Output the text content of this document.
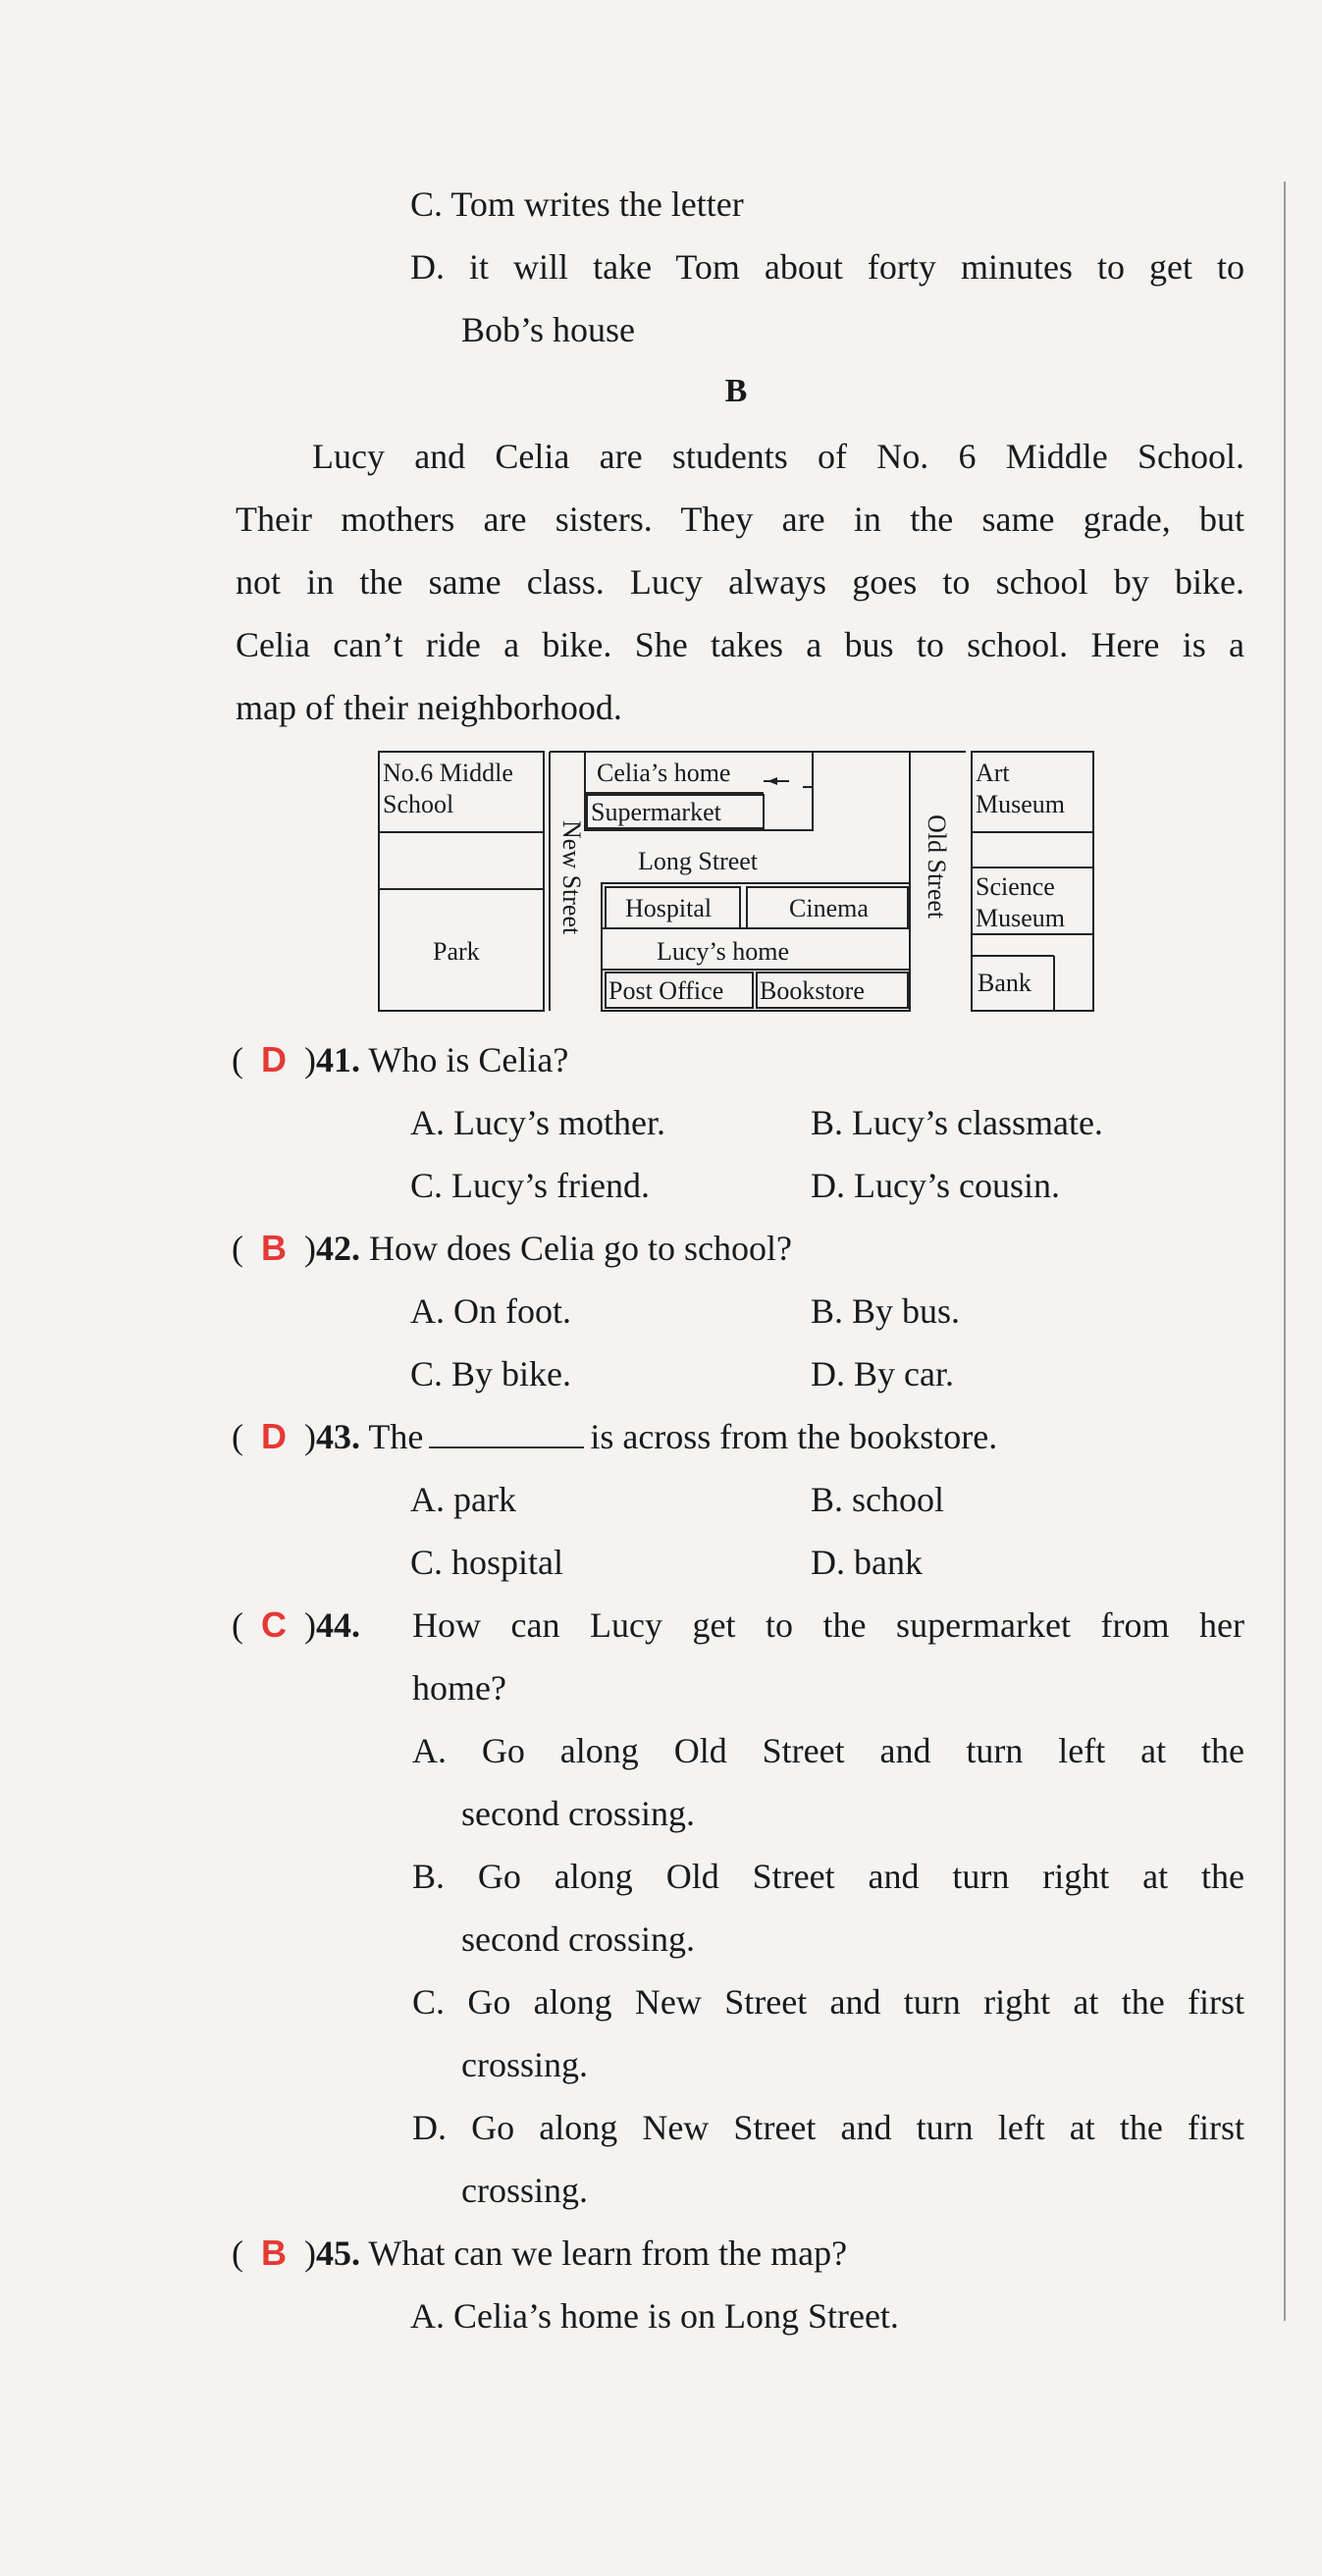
C. Tom writes the letter
D. it will take Tom about forty minutes to get to
Bob’s house
B
Lucy and Celia are students of No. 6 Middle School.
Their mothers are sisters. They are in the same grade, but
not in the same class. Lucy always goes to school by bike.
Celia can’t ride a bike. She takes a bus to school. Here is a
map of their neighborhood.
No.6 Middle
School
Celia’s home
Supermarket
Long Street
Art
Museum
Hospital	Cinema
Science
Museum
Park	Lucy’s home
Post Office Bookstore	Bank
New Street	Old Street
( D )41. Who is Celia?
A. Lucy’s mother.	B. Lucy’s classmate.
C. Lucy’s friend.	D. Lucy’s cousin.
( B )42. How does Celia go to school?
A. On foot.	B. By bus.
C. By bike.	D. By car.
( D )43. The	is across from the bookstore.
A. park	B. school
C. hospital	D. bank
( C )44.	How can Lucy get to the supermarket from her
home?
A. Go along Old Street and turn left at the
second crossing.
B. Go along Old Street and turn right at the
second crossing.
C. Go along New Street and turn right at the first
crossing.
D. Go along New Street and turn left at the first
crossing.
( B )45. What can we learn from the map?
A. Celia’s home is on Long Street.
